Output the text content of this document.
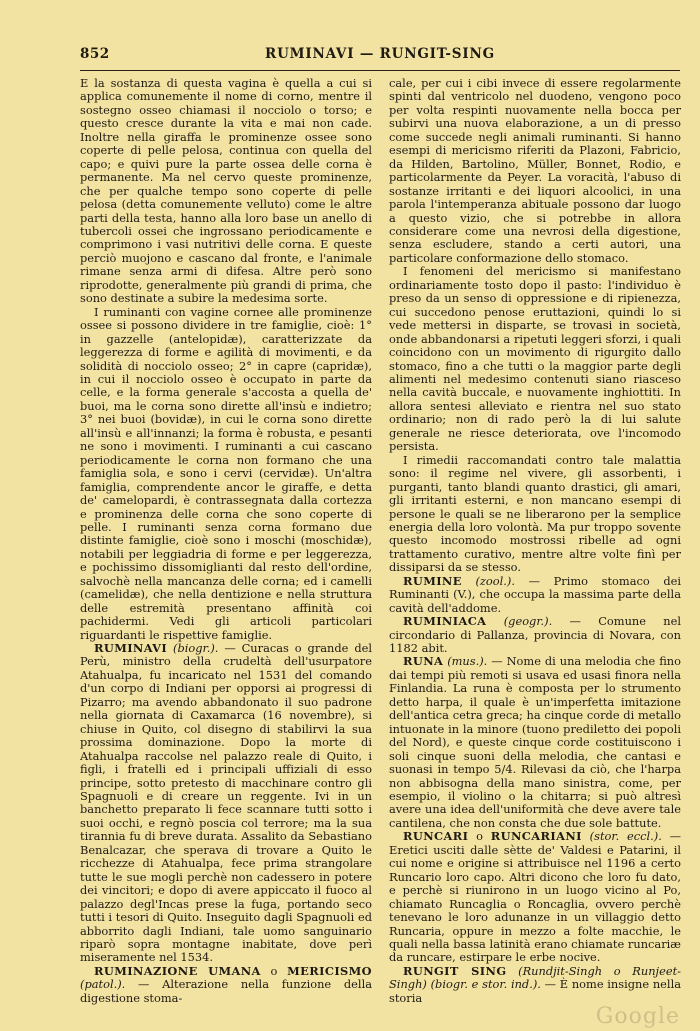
852	RUMINAVI — RUNGIT-SING

E la sostanza di questa vagina è quella a cui si applica comunemente il nome di corno, mentre il sostegno osseo chiamasi il nocciolo o torso; e questo cresce durante la vita e mai non cade. Inoltre nella giraffa le prominenze ossee sono coperte di pelle pelosa, continua con quella del capo; e quivi pure la parte ossea delle corna è permanente. Ma nel cervo queste prominenze, che per qualche tempo sono coperte di pelle pelosa (detta comunemente velluto) come le altre parti della testa, hanno alla loro base un anello di tubercoli ossei che ingrossano periodicamente e comprimono i vasi nutritivi delle corna. E queste perciò muojono e cascano dal fronte, e l'animale rimane senza armi di difesa. Altre però sono riprodotte, generalmente più grandi di prima, che sono destinate a subire la medesima sorte.

I ruminanti con vagine cornee alle prominenze ossee si possono dividere in tre famiglie, cioè: 1° in gazzelle (antelopidæ), caratterizzate da leggerezza di forme e agilità di movimenti, e da solidità di nocciolo osseo; 2° in capre (capridæ), in cui il nocciolo osseo è occupato in parte da celle, e la forma generale s'accosta a quella de' buoi, ma le corna sono dirette all'insù e indietro; 3° nei buoi (bovidæ), in cui le corna sono dirette all'insù e all'innanzi; la forma è robusta, e pesanti ne sono i movimenti. I ruminanti a cui cascano periodicamente le corna non formano che una famiglia sola, e sono i cervi (cervidæ). Un'altra famiglia, comprendente ancor le giraffe, e detta de' camelopardi, è contrassegnata dalla cortezza e prominenza delle corna che sono coperte di pelle. I ruminanti senza corna formano due distinte famiglie, cioè sono i moschi (moschidæ), notabili per leggiadria di forme e per leggerezza, e pochissimo dissomiglianti dal resto dell'ordine, salvochè nella mancanza delle corna; ed i camelli (camelidæ), che nella dentizione e nella struttura delle estremità presentano affinità coi pachidermi. Vedi gli articoli particolari riguardanti le rispettive famiglie.

RUMINAVI (biogr.). — Curacas o grande del Perù, ministro della crudeltà dell'usurpatore Atahualpa, fu incaricato nel 1531 del comando d'un corpo di Indiani per opporsi ai progressi di Pizarro; ma avendo abbandonato il suo padrone nella giornata di Caxamarca (16 novembre), si chiuse in Quito, col disegno di stabilirvi la sua prossima dominazione. Dopo la morte di Atahualpa raccolse nel palazzo reale di Quito, i figli, i fratelli ed i principali uffiziali di esso principe, sotto pretesto di macchinare contro gli Spagnuoli e di creare un reggente. Ivi in un banchetto preparato li fece scannare tutti sotto i suoi occhi, e regnò poscia col terrore; ma la sua tirannia fu di breve durata. Assalito da Sebastiano Benalcazar, che sperava di trovare a Quito le ricchezze di Atahualpa, fece prima strangolare tutte le sue mogli perchè non cadessero in potere dei vincitori; e dopo di avere appiccato il fuoco al palazzo degl'Incas prese la fuga, portando seco tutti i tesori di Quito. Inseguito dagli Spagnuoli ed abborrito dagli Indiani, tale uomo sanguinario riparò sopra montagne inabitate, dove perì miseramente nel 1534.

RUMINAZIONE UMANA o MERICISMO (patol.). — Alterazione nella funzione della digestione stoma-

cale, per cui i cibi invece di essere regolarmente spinti dal ventricolo nel duodeno, vengono poco per volta respinti nuovamente nella bocca per subirvi una nuova elaborazione, a un di presso come succede negli animali ruminanti. Si hanno esempi di mericismo riferiti da Plazoni, Fabricio, da Hilden, Bartolino, Müller, Bonnet, Rodio, e particolarmente da Peyer. La voracità, l'abuso di sostanze irritanti e dei liquori alcoolici, in una parola l'intemperanza abituale possono dar luogo a questo vizio, che si potrebbe in allora considerare come una nevrosi della digestione, senza escludere, stando a certi autori, una particolare conformazione dello stomaco.

I fenomeni del mericismo si manifestano ordinariamente tosto dopo il pasto: l'individuo è preso da un senso di oppressione e di ripienezza, cui succedono penose eruttazioni, quindi lo si vede mettersi in disparte, se trovasi in società, onde abbandonarsi a ripetuti leggeri sforzi, i quali coincidono con un movimento di rigurgito dallo stomaco, fino a che tutti o la maggior parte degli alimenti nel medesimo contenuti siano riasceso nella cavità buccale, e nuovamente inghiottiti. In allora sentesi alleviato e rientra nel suo stato ordinario; non di rado però la di lui salute generale ne riesce deteriorata, ove l'incomodo persista.

I rimedii raccomandati contro tale malattia sono: il regime nel vivere, gli assorbenti, i purganti, tanto blandi quanto drastici, gli amari, gli irritanti esterni, e non mancano esempi di persone le quali se ne liberarono per la semplice energia della loro volontà. Ma pur troppo sovente questo incomodo mostrossi ribelle ad ogni trattamento curativo, mentre altre volte finì per dissiparsi da se stesso.

RUMINE (zool.). — Primo stomaco dei Ruminanti (V.), che occupa la massima parte della cavità dell'addome.

RUMINIACA (geogr.). — Comune nel circondario di Pallanza, provincia di Novara, con 1182 abit.

RUNA (mus.). — Nome di una melodia che fino dai tempi più remoti si usava ed usasi finora nella Finlandia. La runa è composta per lo strumento detto harpa, il quale è un'imperfetta imitazione dell'antica cetra greca; ha cinque corde di metallo intuonate in la minore (tuono prediletto dei popoli del Nord), e queste cinque corde costituiscono i soli cinque suoni della melodia, che cantasi e suonasi in tempo 5/4. Rilevasi da ciò, che l'harpa non abbisogna della mano sinistra, come, per esempio, il violino o la chitarra; si può altresì avere una idea dell'uniformità che deve avere tale cantilena, che non consta che due sole battute.

RUNCARI o RUNCARIANI (stor. eccl.). — Eretici usciti dalle sètte de' Valdesi e Patarini, il cui nome e origine si attribuisce nel 1196 a certo Runcario loro capo. Altri dicono che loro fu dato, e perchè si riunirono in un luogo vicino al Po, chiamato Runcaglia o Roncaglia, ovvero perchè tenevano le loro adunanze in un villaggio detto Runcaria, oppure in mezzo a folte macchie, le quali nella bassa latinità erano chiamate runcariæ da runcare, estirpare le erbe nocive.

RUNGIT SING (Rundjit-Singh o Runjeet-Singh) (biogr. e stor. ind.). — È nome insigne nella storia

Google
